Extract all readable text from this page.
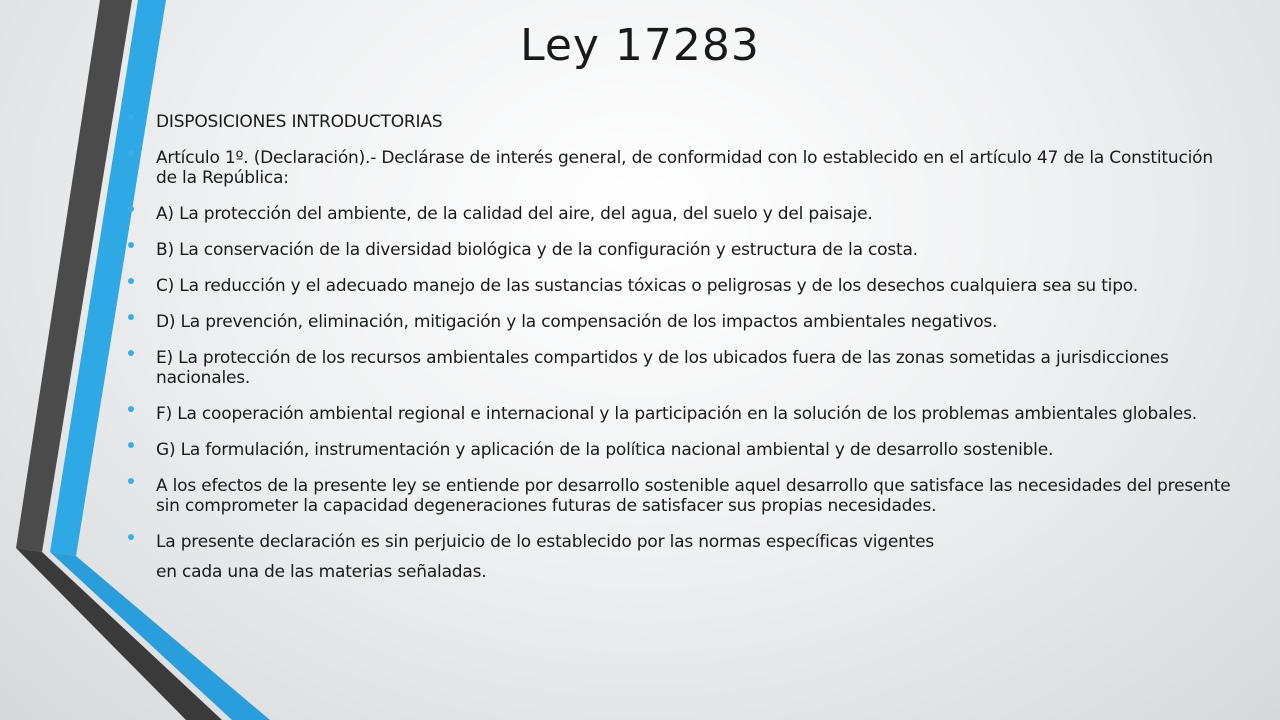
Ley 17283
DISPOSICIONES INTRODUCTORIAS
Artículo 1º. (Declaración).- Declárase de interés general, de conformidad con lo establecido en el artículo 47 de la Constitución de la República:
A) La protección del ambiente, de la calidad del aire, del agua, del suelo y del paisaje.
B) La conservación de la diversidad biológica y de la configuración y estructura de la costa.
C) La reducción y el adecuado manejo de las sustancias tóxicas o peligrosas y de los desechos cualquiera sea su tipo.
D) La prevención, eliminación, mitigación y la compensación de los impactos ambientales negativos.
E) La protección de los recursos ambientales compartidos y de los ubicados fuera de las zonas sometidas a jurisdicciones nacionales.
F) La cooperación ambiental regional e internacional y la participación en la solución de los problemas ambientales globales.
G) La formulación, instrumentación y aplicación de la política nacional ambiental y de desarrollo sostenible.
A los efectos de la presente ley se entiende por desarrollo sostenible aquel desarrollo que satisface las necesidades del presente sin comprometer la capacidad degeneraciones futuras de satisfacer sus propias necesidades.
La presente declaración es sin perjuicio de lo establecido por las normas específicas vigentes
en cada una de las materias señaladas.
